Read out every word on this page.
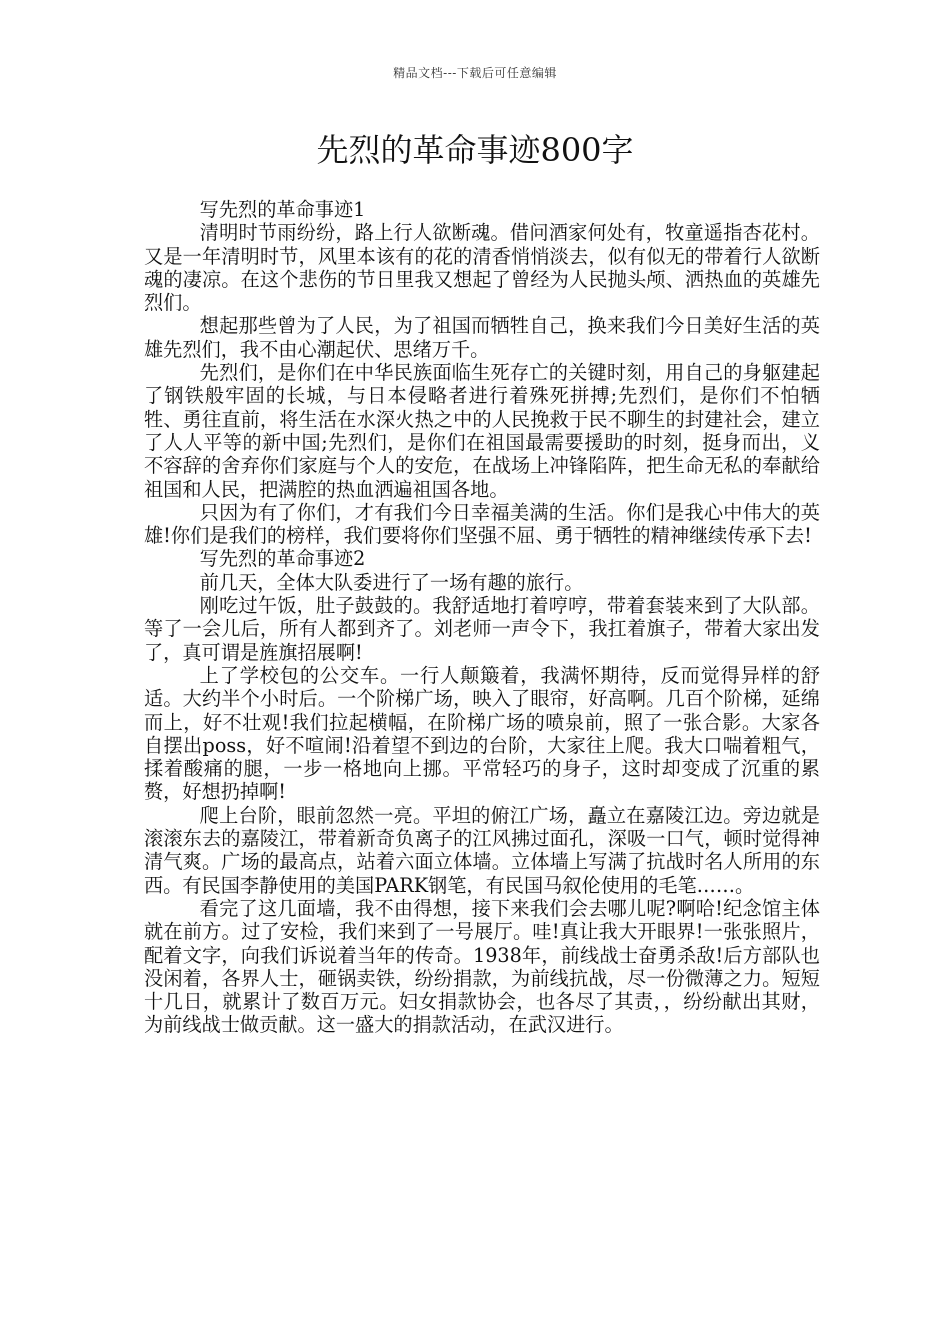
精品文档---下载后可任意编辑
先烈的革命事迹800字

写先烈的革命事迹1

清明时节雨纷纷，路上行人欲断魂。借问酒家何处有，牧童遥指杏花村。又是一年清明时节，风里本该有的花的清香悄悄淡去，似有似无的带着行人欲断魂的凄凉。在这个悲伤的节日里我又想起了曾经为人民抛头颅、洒热血的英雄先烈们。

想起那些曾为了人民，为了祖国而牺牲自己，换来我们今日美好生活的英雄先烈们，我不由心潮起伏、思绪万千。

先烈们，是你们在中华民族面临生死存亡的关键时刻，用自己的身躯建起了钢铁般牢固的长城，与日本侵略者进行着殊死拼搏;先烈们，是你们不怕牺牲、勇往直前，将生活在水深火热之中的人民挽救于民不聊生的封建社会，建立了人人平等的新中国;先烈们，是你们在祖国最需要援助的时刻，挺身而出，义不容辞的舍弃你们家庭与个人的安危，在战场上冲锋陷阵，把生命无私的奉献给祖国和人民，把满腔的热血洒遍祖国各地。

只因为有了你们，才有我们今日幸福美满的生活。你们是我心中伟大的英雄!你们是我们的榜样，我们要将你们坚强不屈、勇于牺牲的精神继续传承下去!

写先烈的革命事迹2

前几天，全体大队委进行了一场有趣的旅行。

刚吃过午饭，肚子鼓鼓的。我舒适地打着哼哼，带着套装来到了大队部。等了一会儿后，所有人都到齐了。刘老师一声令下，我扛着旗子，带着大家出发了，真可谓是旌旗招展啊!

上了学校包的公交车。一行人颠簸着，我满怀期待，反而觉得异样的舒适。大约半个小时后。一个阶梯广场，映入了眼帘，好高啊。几百个阶梯，延绵而上，好不壮观!我们拉起横幅，在阶梯广场的喷泉前，照了一张合影。大家各自摆出poss，好不喧闹!沿着望不到边的台阶，大家往上爬。我大口喘着粗气，揉着酸痛的腿，一步一格地向上挪。平常轻巧的身子，这时却变成了沉重的累赘，好想扔掉啊!

爬上台阶，眼前忽然一亮。平坦的俯江广场，矗立在嘉陵江边。旁边就是滚滚东去的嘉陵江，带着新奇负离子的江风拂过面孔，深吸一口气，顿时觉得神清气爽。广场的最高点，站着六面立体墙。立体墙上写满了抗战时名人所用的东西。有民国李静使用的美国PARK钢笔，有民国马叙伦使用的毛笔……。

看完了这几面墙，我不由得想，接下来我们会去哪儿呢?啊哈!纪念馆主体就在前方。过了安检，我们来到了一号展厅。哇!真让我大开眼界!一张张照片，配着文字，向我们诉说着当年的传奇。1938年，前线战士奋勇杀敌!后方部队也没闲着，各界人士，砸锅卖铁，纷纷捐款，为前线抗战，尽一份微薄之力。短短十几日，就累计了数百万元。妇女捐款协会，也各尽了其责，，纷纷献出其财，为前线战士做贡献。这一盛大的捐款活动，在武汉进行。
